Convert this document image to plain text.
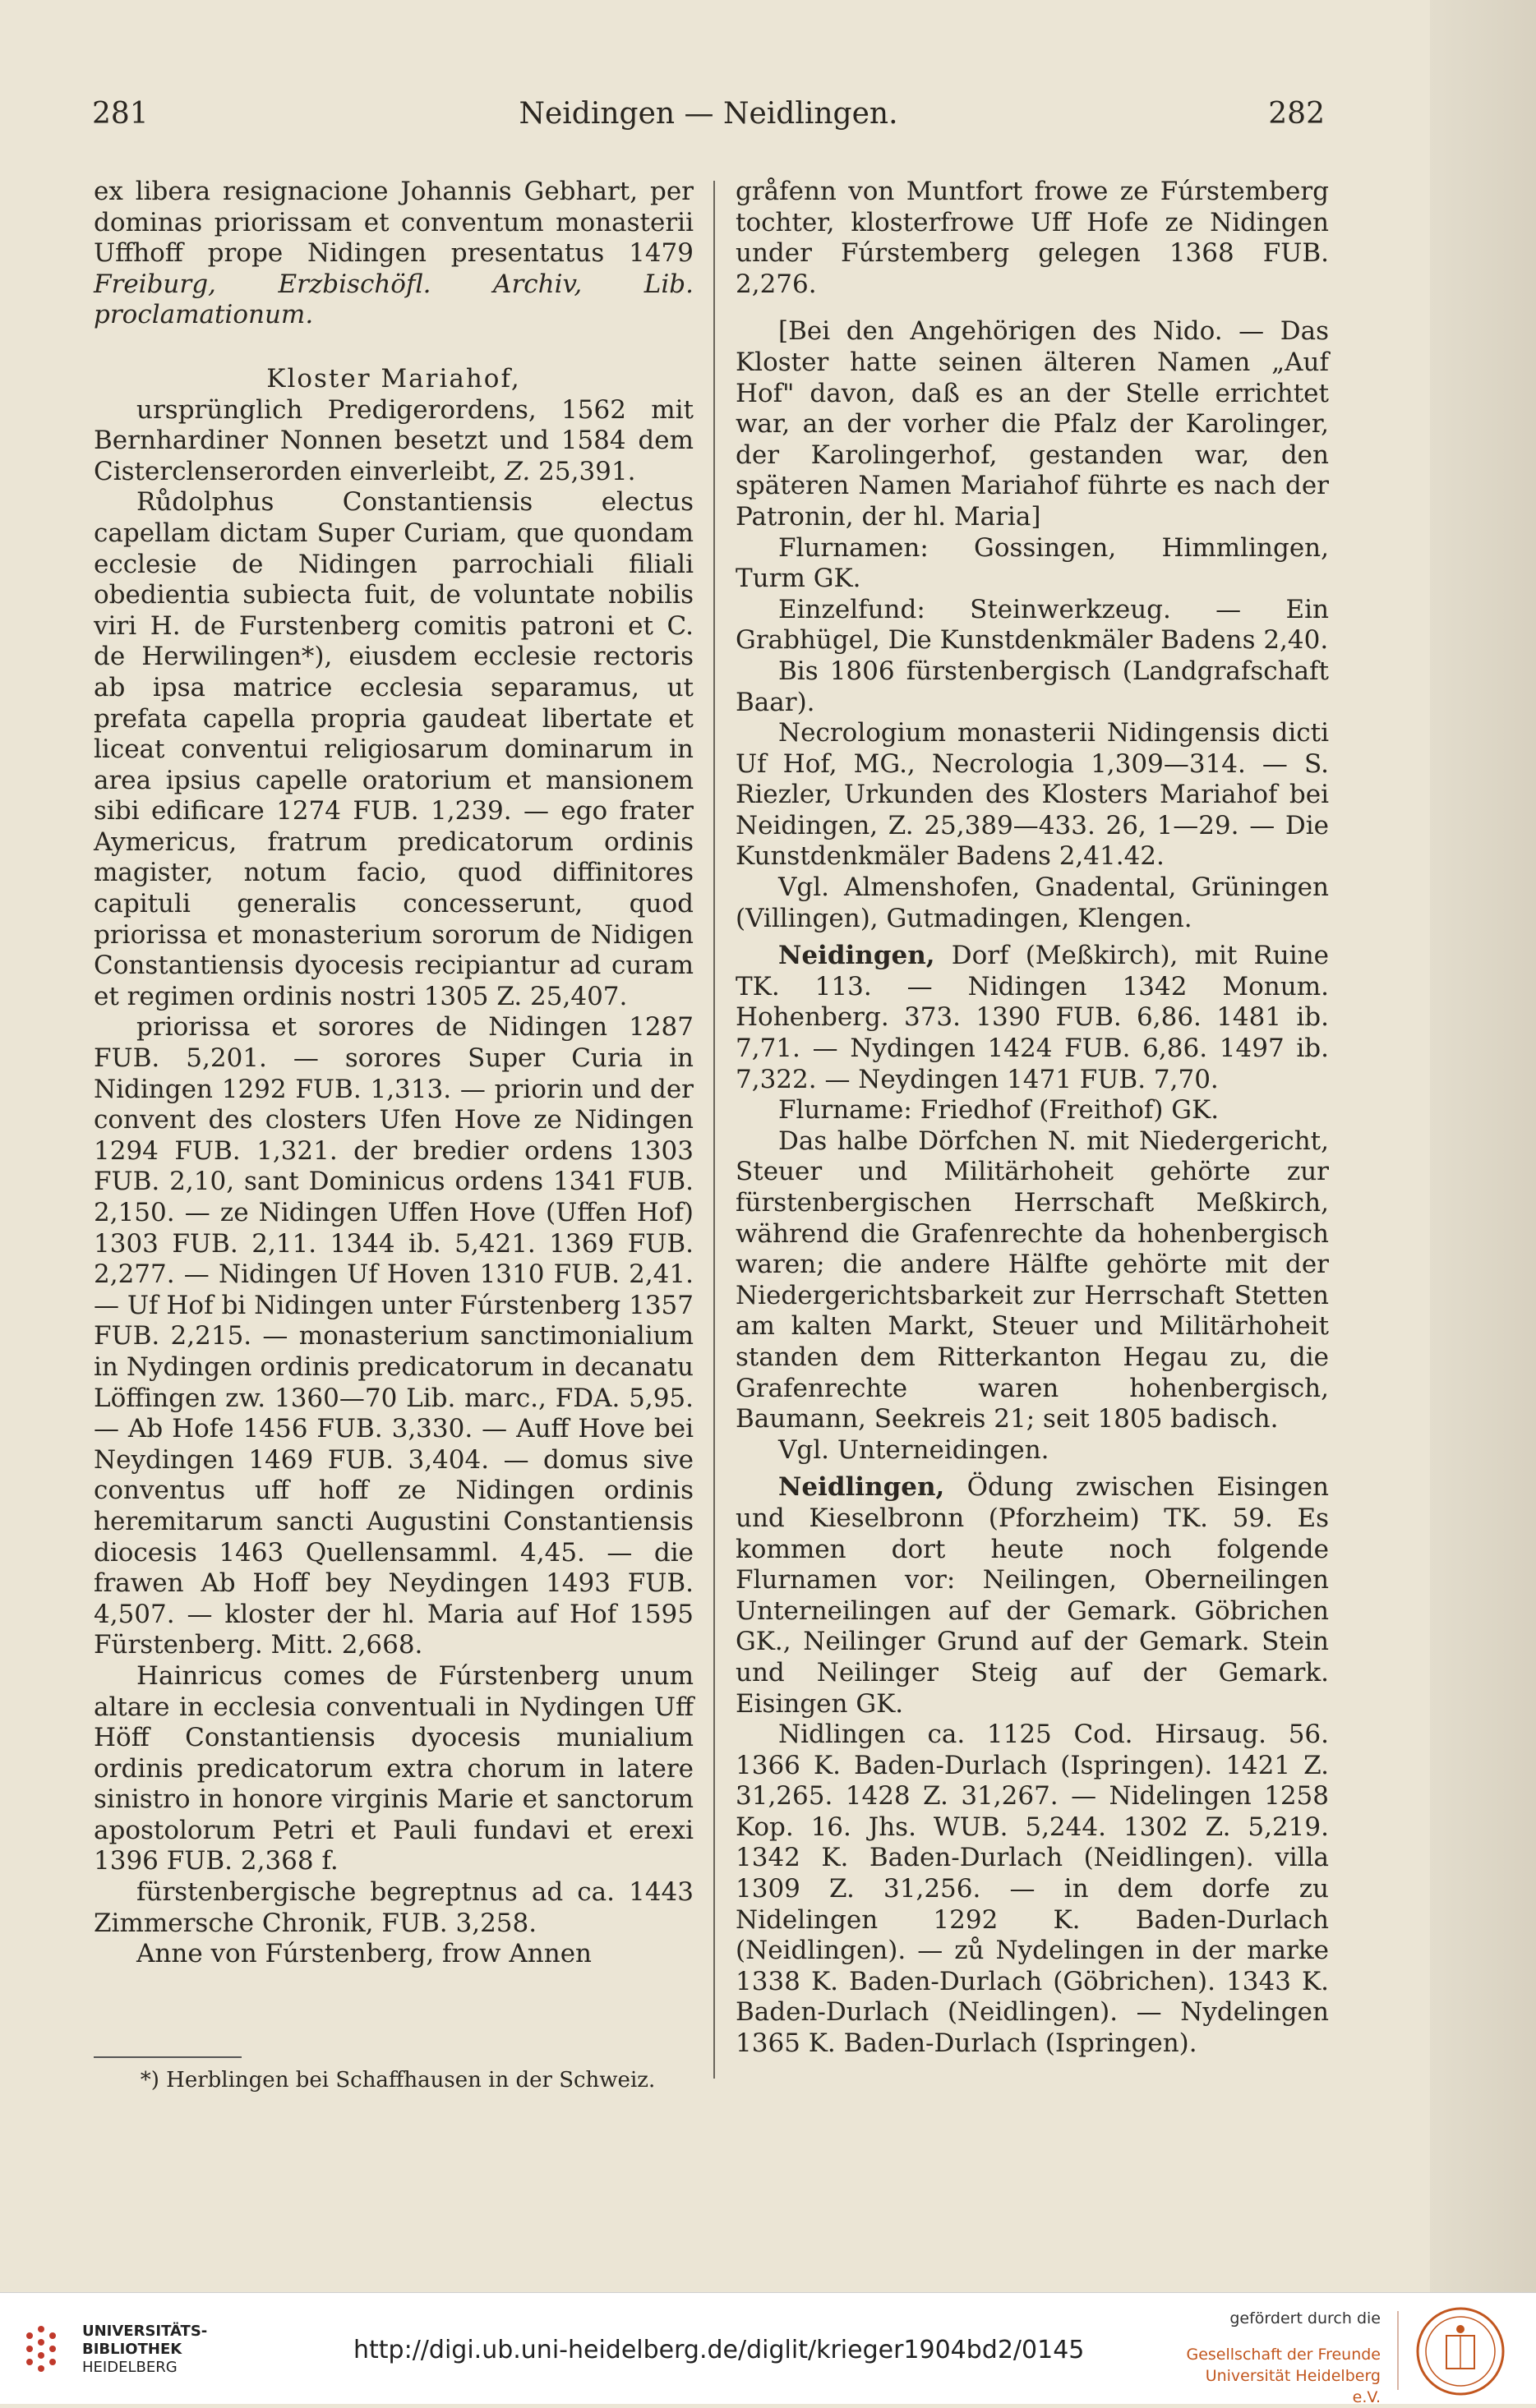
281	Neidingen — Neidlingen.	282

ex libera resignacione Johannis Gebhart, per dominas priorissam et conventum monasterii Uffhoff prope Nidingen presentatus 1479 Freiburg, Erzbischöfl. Archiv, Lib. proclamationum.

Kloster Mariahof,

ursprünglich Predigerordens, 1562 mit Bernhardiner Nonnen besetzt und 1584 dem Cisterclenserorden einverleibt, Z. 25,391.

Růdolphus Constantiensis electus capellam dictam Super Curiam, que quondam ecclesie de Nidingen parrochiali filiali obedientia subiecta fuit, de voluntate nobilis viri H. de Furstenberg comitis patroni et C. de Herwilingen*), eiusdem ecclesie rectoris ab ipsa matrice ecclesia separamus, ut prefata capella propria gaudeat libertate et liceat conventui religiosarum dominarum in area ipsius capelle oratorium et mansionem sibi edificare 1274 FUB. 1,239. — ego frater Aymericus, fratrum predicatorum ordinis magister, notum facio, quod diffinitores capituli generalis concesserunt, quod priorissa et monasterium sororum de Nidigen Constantiensis dyocesis recipiantur ad curam et regimen ordinis nostri 1305 Z. 25,407.

priorissa et sorores de Nidingen 1287 FUB. 5,201. — sorores Super Curia in Nidingen 1292 FUB. 1,313. — priorin und der convent des closters Ufen Hove ze Nidingen 1294 FUB. 1,321. der bredier ordens 1303 FUB. 2,10, sant Dominicus ordens 1341 FUB. 2,150. — ze Nidingen Uffen Hove (Uffen Hof) 1303 FUB. 2,11. 1344 ib. 5,421. 1369 FUB. 2,277. — Nidingen Uf Hoven 1310 FUB. 2,41. — Uf Hof bi Nidingen unter Fúrstenberg 1357 FUB. 2,215. — monasterium sanctimonialium in Nydingen ordinis predicatorum in decanatu Löffingen zw. 1360—70 Lib. marc., FDA. 5,95. — Ab Hofe 1456 FUB. 3,330. — Auff Hove bei Neydingen 1469 FUB. 3,404. — domus sive conventus uff hoff ze Nidingen ordinis heremitarum sancti Augustini Constantiensis diocesis 1463 Quellensamml. 4,45. — die frawen Ab Hoff bey Neydingen 1493 FUB. 4,507. — kloster der hl. Maria auf Hof 1595 Fürstenberg. Mitt. 2,668.

Hainricus comes de Fúrstenberg unum altare in ecclesia conventuali in Nydingen Uff Höff Constantiensis dyocesis munialium ordinis predicatorum extra chorum in latere sinistro in honore virginis Marie et sanctorum apostolorum Petri et Pauli fundavi et erexi 1396 FUB. 2,368 f.

fürstenbergische begreptnus ad ca. 1443 Zimmersche Chronik, FUB. 3,258.

Anne von Fúrstenberg, frow Annen

*) Herblingen bei Schaffhausen in der Schweiz.

gråfenn von Muntfort frowe ze Fúrstemberg tochter, klosterfrowe Uff Hofe ze Nidingen under Fúrstemberg gelegen 1368 FUB. 2,276.

[Bei den Angehörigen des Nido. — Das Kloster hatte seinen älteren Namen „Auf Hof" davon, daß es an der Stelle errichtet war, an der vorher die Pfalz der Karolinger, der Karolingerhof, gestanden war, den späteren Namen Mariahof führte es nach der Patronin, der hl. Maria]

Flurnamen: Gossingen, Himmlingen, Turm GK.

Einzelfund: Steinwerkzeug. — Ein Grabhügel, Die Kunstdenkmäler Badens 2,40.

Bis 1806 fürstenbergisch (Landgrafschaft Baar).

Necrologium monasterii Nidingensis dicti Uf Hof, MG., Necrologia 1,309—314. — S. Riezler, Urkunden des Klosters Mariahof bei Neidingen, Z. 25,389—433. 26, 1—29. — Die Kunstdenkmäler Badens 2,41.42.

Vgl. Almenshofen, Gnadental, Grüningen (Villingen), Gutmadingen, Klengen.

Neidingen, Dorf (Meßkirch), mit Ruine TK. 113. — Nidingen 1342 Monum. Hohenberg. 373. 1390 FUB. 6,86. 1481 ib. 7,71. — Nydingen 1424 FUB. 6,86. 1497 ib. 7,322. — Neydingen 1471 FUB. 7,70.

Flurname: Friedhof (Freithof) GK.

Das halbe Dörfchen N. mit Niedergericht, Steuer und Militärhoheit gehörte zur fürstenbergischen Herrschaft Meßkirch, während die Grafenrechte da hohenbergisch waren; die andere Hälfte gehörte mit der Niedergerichtsbarkeit zur Herrschaft Stetten am kalten Markt, Steuer und Militärhoheit standen dem Ritterkanton Hegau zu, die Grafenrechte waren hohenbergisch, Baumann, Seekreis 21; seit 1805 badisch.

Vgl. Unterneidingen.

Neidlingen, Ödung zwischen Eisingen und Kieselbronn (Pforzheim) TK. 59. Es kommen dort heute noch folgende Flurnamen vor: Neilingen, Oberneilingen Unterneilingen auf der Gemark. Göbrichen GK., Neilinger Grund auf der Gemark. Stein und Neilinger Steig auf der Gemark. Eisingen GK.

Nidlingen ca. 1125 Cod. Hirsaug. 56. 1366 K. Baden-Durlach (Ispringen). 1421 Z. 31,265. 1428 Z. 31,267. — Nidelingen 1258 Kop. 16. Jhs. WUB. 5,244. 1302 Z. 5,219. 1342 K. Baden-Durlach (Neidlingen). villa 1309 Z. 31,256. — in dem dorfe zu Nidelingen 1292 K. Baden-Durlach (Neidlingen). — zů Nydelingen in der marke 1338 K. Baden-Durlach (Göbrichen). 1343 K. Baden-Durlach (Neidlingen). — Nydelingen 1365 K. Baden-Durlach (Ispringen).

UNIVERSITÄTS-
BIBLIOTHEK
HEIDELBERG
http://digi.ub.uni-heidelberg.de/diglit/krieger1904bd2/0145
gefördert durch die
Gesellschaft der Freunde
Universität Heidelberg e.V.
